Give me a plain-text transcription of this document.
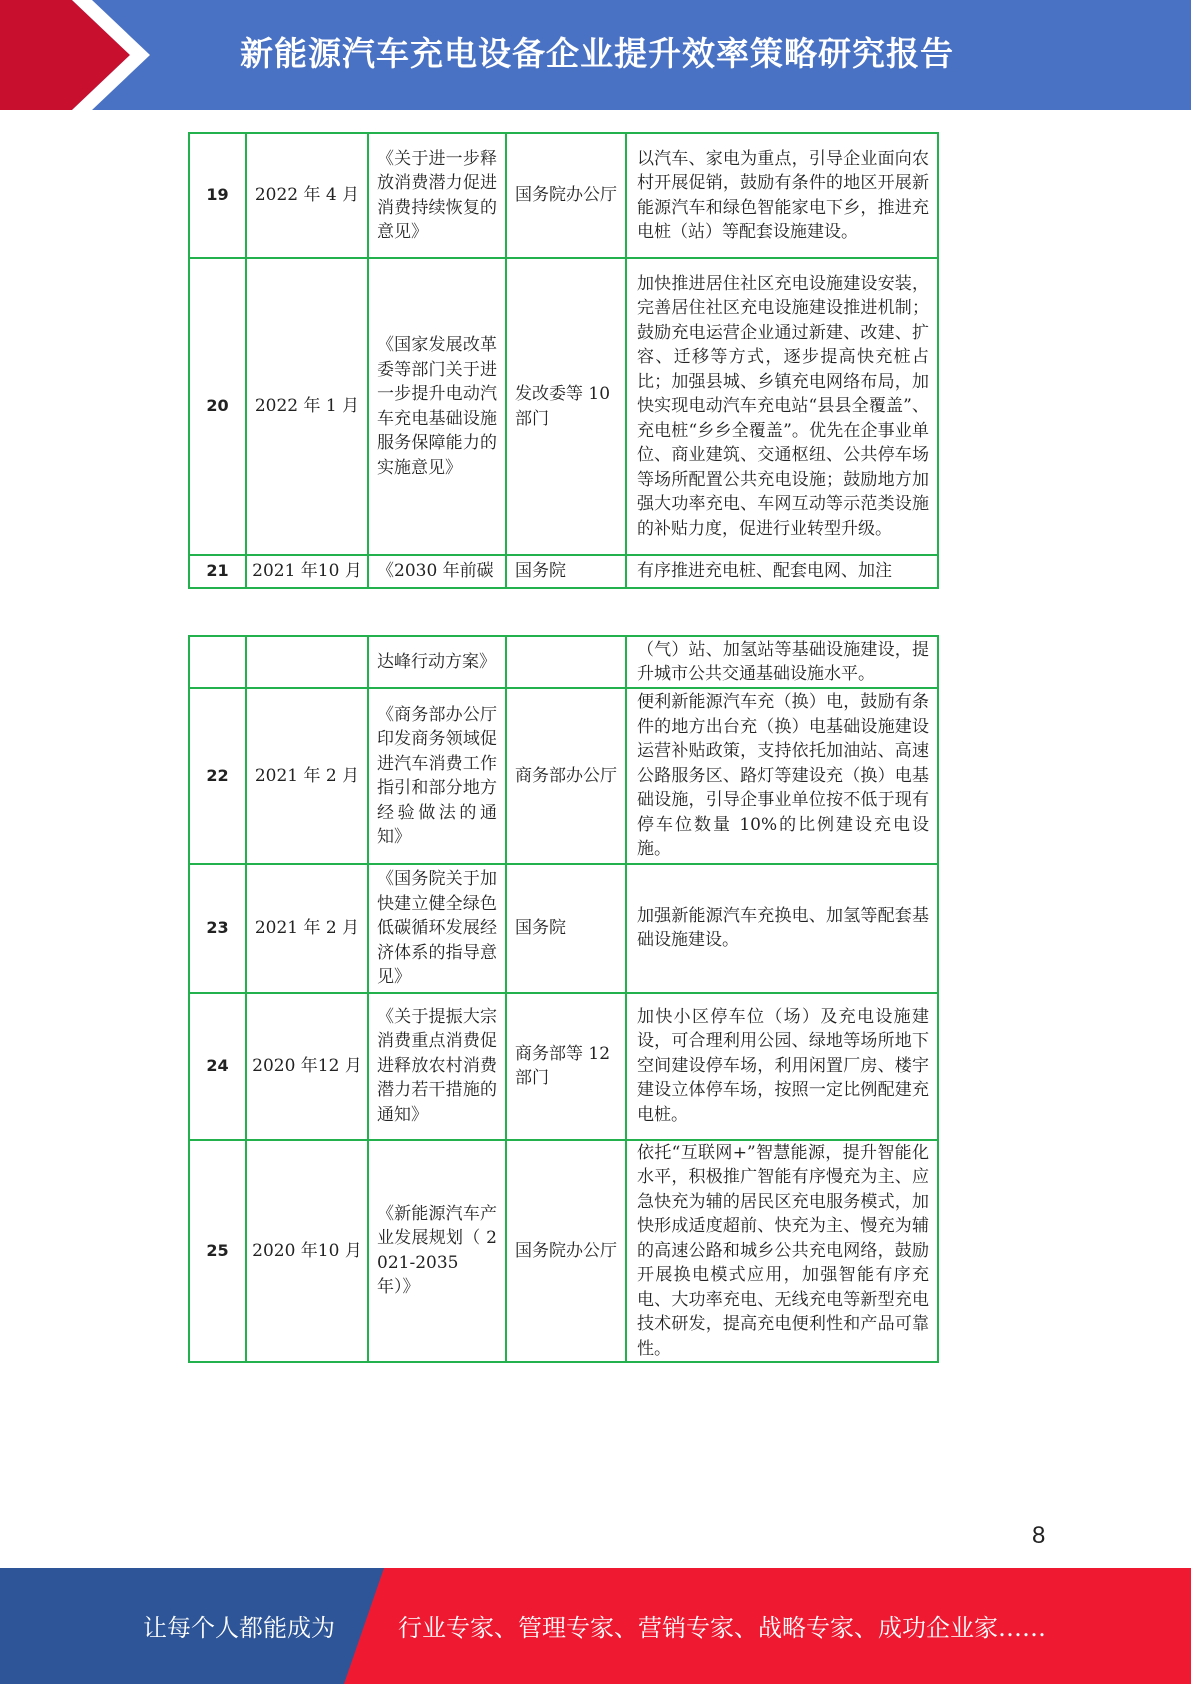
新能源汽车充电设备企业提升效率策略研究报告
19	2022 年 4 月	《关于进一步释放消费潜力促进消费持续恢复的意见》	国务院办公厅	以汽车、家电为重点，引导企业面向农村开展促销，鼓励有条件的地区开展新能源汽车和绿色智能家电下乡，推进充电桩（站）等配套设施建设。
20	2022 年 1 月	《国家发展改革委等部门关于进一步提升电动汽车充电基础设施服务保障能力的实施意见》	发改委等 10 部门	加快推进居住社区充电设施建设安装，完善居住社区充电设施建设推进机制；鼓励充电运营企业通过新建、改建、扩容、迁移等方式，逐步提高快充桩占比；加强县城、乡镇充电网络布局，加快实现电动汽车充电站“县县全覆盖”、充电桩“乡乡全覆盖”。优先在企事业单位、商业建筑、交通枢纽、公共停车场等场所配置公共充电设施；鼓励地方加强大功率充电、车网互动等示范类设施的补贴力度，促进行业转型升级。
21	2021 年10 月	《2030 年前碳	国务院	有序推进充电桩、配套电网、加注
		达峰行动方案》		（气）站、加氢站等基础设施建设，提升城市公共交通基础设施水平。
22	2021 年 2 月	《商务部办公厅印发商务领域促进汽车消费工作指引和部分地方经验做法的通知》	商务部办公厅	便利新能源汽车充（换）电，鼓励有条件的地方出台充（换）电基础设施建设运营补贴政策，支持依托加油站、高速公路服务区、路灯等建设充（换）电基础设施，引导企事业单位按不低于现有停车位数量 10%的比例建设充电设施。
23	2021 年 2 月	《国务院关于加快建立健全绿色低碳循环发展经济体系的指导意见》	国务院	加强新能源汽车充换电、加氢等配套基础设施建设。
24	2020 年12 月	《关于提振大宗消费重点消费促进释放农村消费潜力若干措施的通知》	商务部等 12 部门	加快小区停车位（场）及充电设施建设，可合理利用公园、绿地等场所地下空间建设停车场，利用闲置厂房、楼宇建设立体停车场，按照一定比例配建充电桩。
25	2020 年10 月	《新能源汽车产业发展规划（ 2021-2035 年）》	国务院办公厅	依托“互联网+”智慧能源，提升智能化水平，积极推广智能有序慢充为主、应急快充为辅的居民区充电服务模式，加快形成适度超前、快充为主、慢充为辅的高速公路和城乡公共充电网络，鼓励开展换电模式应用，加强智能有序充电、大功率充电、无线充电等新型充电技术研发，提高充电便利性和产品可靠性。
8
让每个人都能成为	行业专家、管理专家、营销专家、战略专家、成功企业家……
